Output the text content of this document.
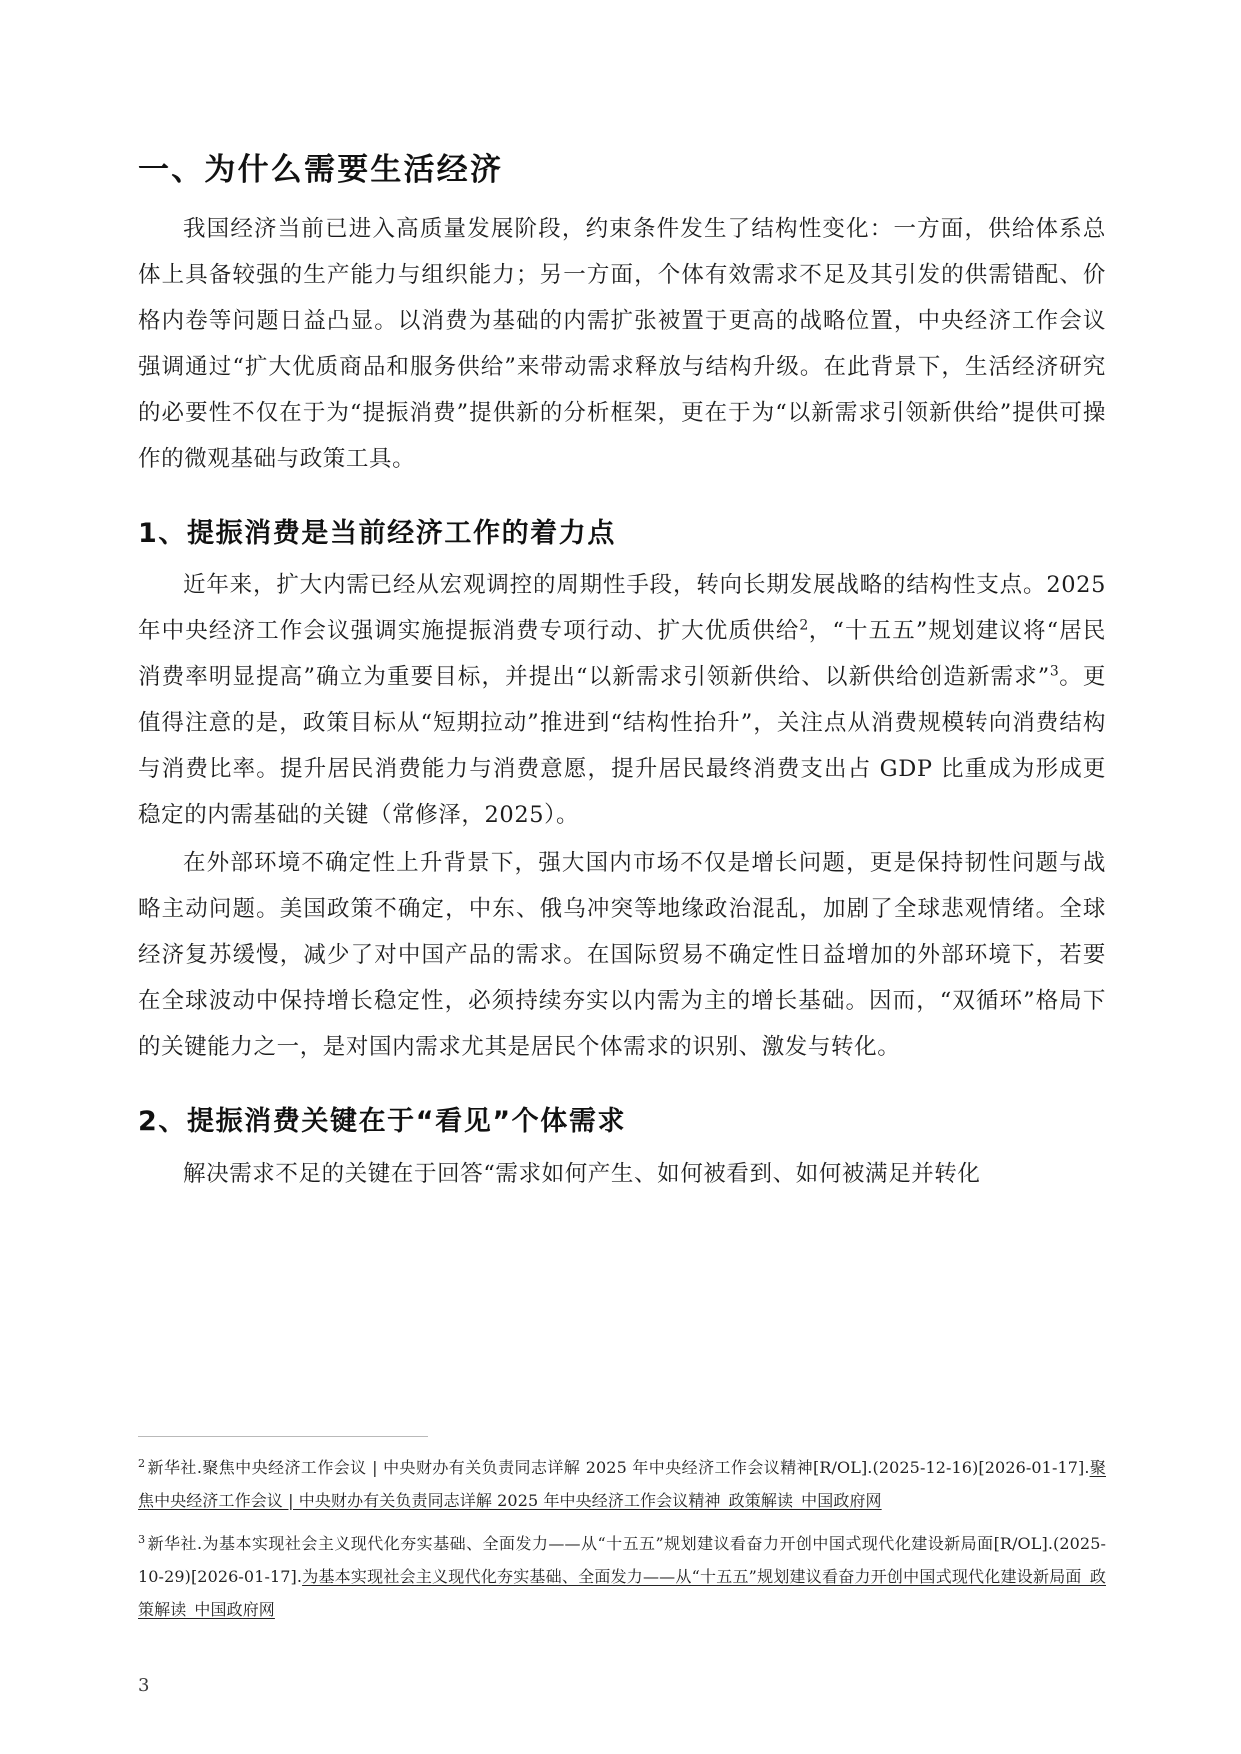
一、为什么需要生活经济

我国经济当前已进入高质量发展阶段，约束条件发生了结构性变化：一方面，供给体系总体上具备较强的生产能力与组织能力；另一方面，个体有效需求不足及其引发的供需错配、价格内卷等问题日益凸显。以消费为基础的内需扩张被置于更高的战略位置，中央经济工作会议强调通过“扩大优质商品和服务供给”来带动需求释放与结构升级。在此背景下，生活经济研究的必要性不仅在于为“提振消费”提供新的分析框架，更在于为“以新需求引领新供给”提供可操作的微观基础与政策工具。

1、提振消费是当前经济工作的着力点

近年来，扩大内需已经从宏观调控的周期性手段，转向长期发展战略的结构性支点。2025 年中央经济工作会议强调实施提振消费专项行动、扩大优质供给$^2$，“十五五”规划建议将“居民消费率明显提高”确立为重要目标，并提出“以新需求引领新供给、以新供给创造新需求”$^3$。更值得注意的是，政策目标从“短期拉动”推进到“结构性抬升”，关注点从消费规模转向消费结构与消费比率。提升居民消费能力与消费意愿，提升居民最终消费支出占 GDP 比重成为形成更稳定的内需基础的关键（常修泽，2025）。

在外部环境不确定性上升背景下，强大国内市场不仅是增长问题，更是保持韧性问题与战略主动问题。美国政策不确定，中东、俄乌冲突等地缘政治混乱，加剧了全球悲观情绪。全球经济复苏缓慢，减少了对中国产品的需求。在国际贸易不确定性日益增加的外部环境下，若要在全球波动中保持增长稳定性，必须持续夯实以内需为主的增长基础。因而，“双循环”格局下的关键能力之一，是对国内需求尤其是居民个体需求的识别、激发与转化。

2、提振消费关键在于“看见”个体需求

解决需求不足的关键在于回答“需求如何产生、如何被看到、如何被满足并转化

$^2$ 新华社.聚焦中央经济工作会议 | 中央财办有关负责同志详解 2025 年中央经济工作会议精神[R/OL].(2025-12-16)[2026-01-17].聚焦中央经济工作会议 | 中央财办有关负责同志详解 2025 年中央经济工作会议精神_政策解读_中国政府网

$^3$ 新华社.为基本实现社会主义现代化夯实基础、全面发力——从“十五五”规划建议看奋力开创中国式现代化建设新局面[R/OL].(2025-10-29)[2026-01-17].为基本实现社会主义现代化夯实基础、全面发力——从“十五五”规划建议看奋力开创中国式现代化建设新局面_政策解读_中国政府网

3
